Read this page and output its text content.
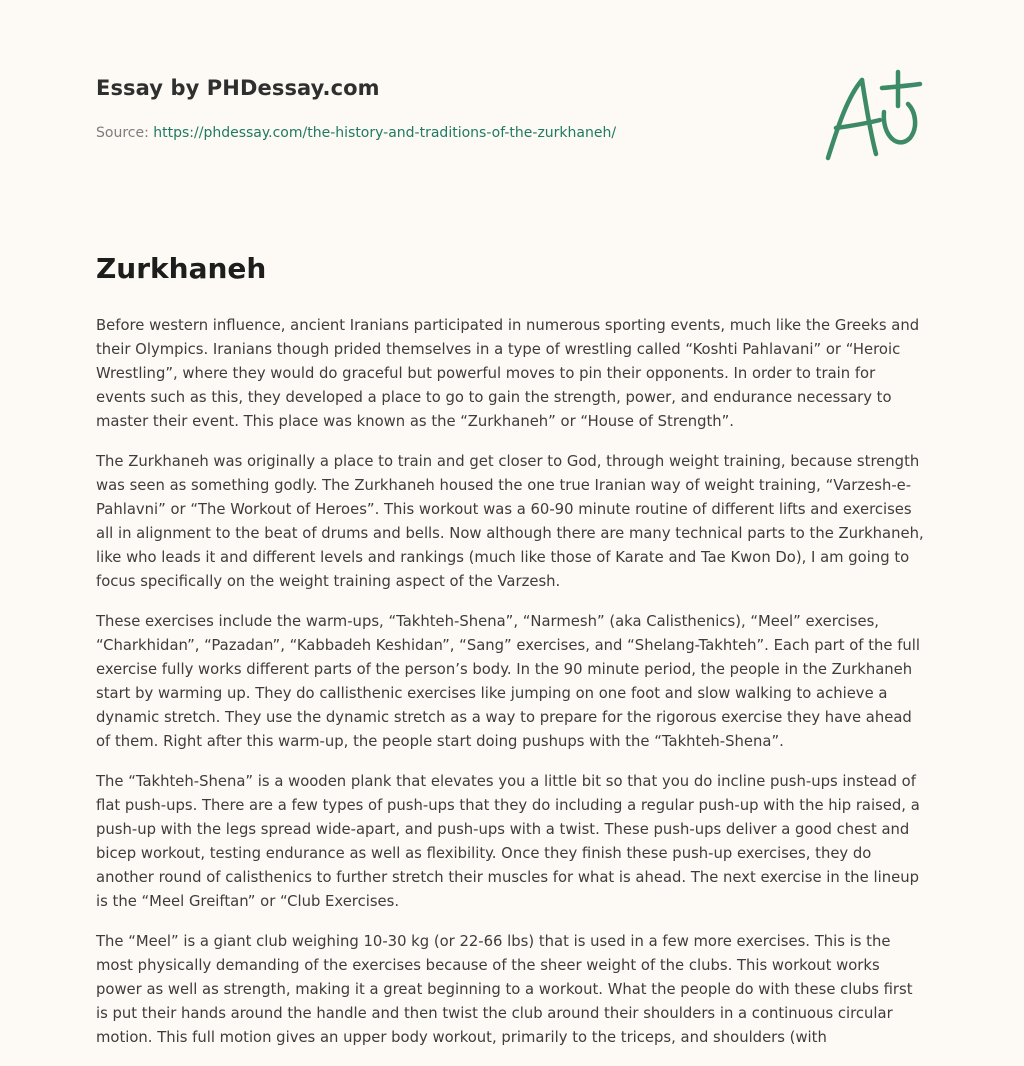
Essay by PHDessay.com
Source: https://phdessay.com/the-history-and-traditions-of-the-zurkhaneh/
Zurkhaneh

Before western influence, ancient Iranians participated in numerous sporting events, much like the Greeks and their Olympics. Iranians though prided themselves in a type of wrestling called “Koshti Pahlavani” or “Heroic Wrestling”, where they would do graceful but powerful moves to pin their opponents. In order to train for events such as this, they developed a place to go to gain the strength, power, and endurance necessary to master their event. This place was known as the “Zurkhaneh” or “House of Strength”.

The Zurkhaneh was originally a place to train and get closer to God, through weight training, because strength was seen as something godly. The Zurkhaneh housed the one true Iranian way of weight training, “Varzesh-e-Pahlavni” or “The Workout of Heroes”. This workout was a 60-90 minute routine of different lifts and exercises all in alignment to the beat of drums and bells. Now although there are many technical parts to the Zurkhaneh, like who leads it and different levels and rankings (much like those of Karate and Tae Kwon Do), I am going to focus specifically on the weight training aspect of the Varzesh.

These exercises include the warm-ups, “Takhteh-Shena”, “Narmesh” (aka Calisthenics), “Meel” exercises, “Charkhidan”, “Pazadan”, “Kabbadeh Keshidan”, “Sang” exercises, and “Shelang-Takhteh”. Each part of the full exercise fully works different parts of the person’s body. In the 90 minute period, the people in the Zurkhaneh start by warming up. They do callisthenic exercises like jumping on one foot and slow walking to achieve a dynamic stretch. They use the dynamic stretch as a way to prepare for the rigorous exercise they have ahead of them. Right after this warm-up, the people start doing pushups with the “Takhteh-Shena”.

The “Takhteh-Shena” is a wooden plank that elevates you a little bit so that you do incline push-ups instead of flat push-ups. There are a few types of push-ups that they do including a regular push-up with the hip raised, a push-up with the legs spread wide-apart, and push-ups with a twist. These push-ups deliver a good chest and bicep workout, testing endurance as well as flexibility. Once they finish these push-up exercises, they do another round of calisthenics to further stretch their muscles for what is ahead. The next exercise in the lineup is the “Meel Greiftan” or “Club Exercises.

The “Meel” is a giant club weighing 10-30 kg (or 22-66 lbs) that is used in a few more exercises. This is the most physically demanding of the exercises because of the sheer weight of the clubs. This workout works power as well as strength, making it a great beginning to a workout. What the people do with these clubs first is put their hands around the handle and then twist the club around their shoulders in a continuous circular motion. This full motion gives an upper body workout, primarily to the triceps, and shoulders (with
